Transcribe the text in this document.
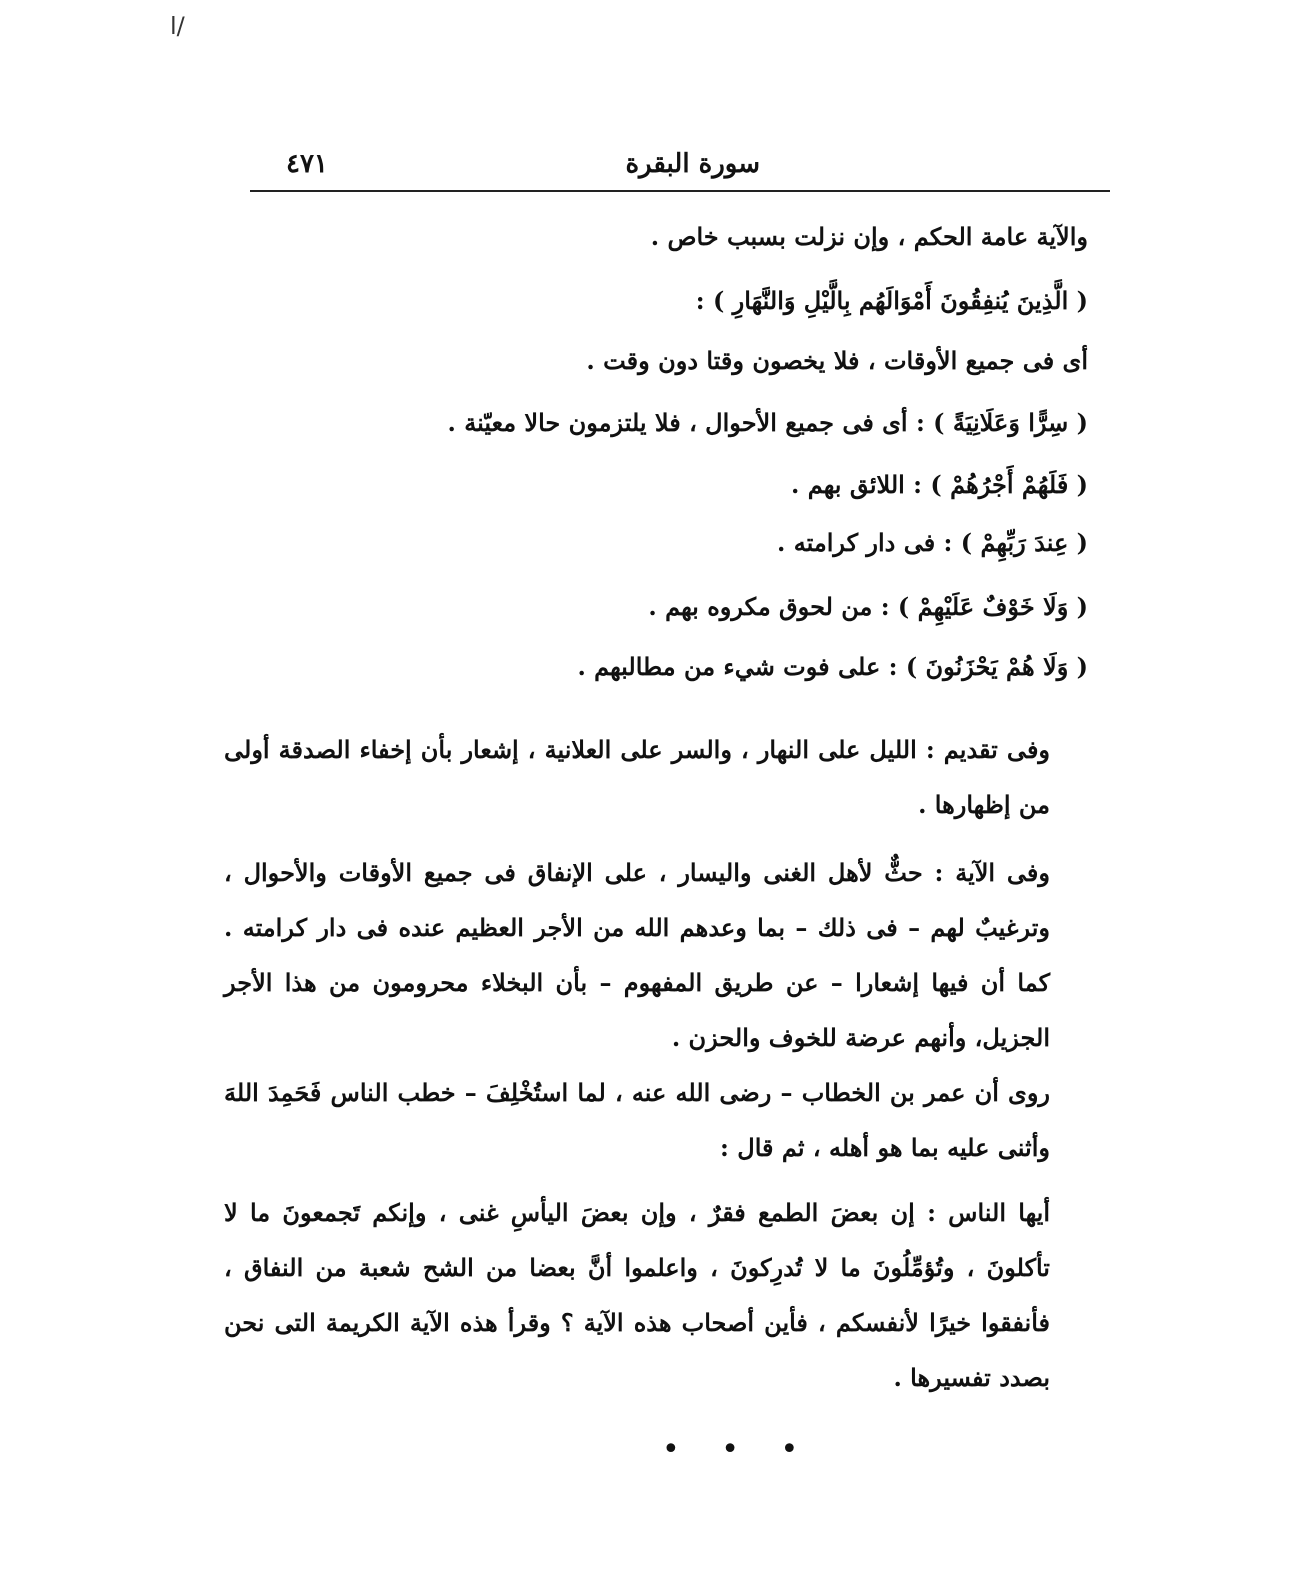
ا/
سورة البقرة
٤٧١
والآية عامة الحكم ، وإن نزلت بسبب خاص .
( الَّذِينَ يُنفِقُونَ أَمْوَالَهُم بِالَّيْلِ وَالنَّهَارِ ) :
أى فى جميع الأوقات ، فلا يخصون وقتا دون وقت .
( سِرًّا وَعَلَانِيَةً ) : أى فى جميع الأحوال ، فلا يلتزمون حالا معيّنة .
( فَلَهُمْ أَجْرُهُمْ ) : اللائق بهم .
( عِندَ رَبِّهِمْ ) : فى دار كرامته .
( وَلَا خَوْفٌ عَلَيْهِمْ ) : من لحوق مكروه بهم .
( وَلَا هُمْ يَحْزَنُونَ ) : على فوت شيء من مطالبهم .
وفى تقديم : الليل على النهار ، والسر على العلانية ، إشعار بأن إخفاء الصدقة أولى من إظهارها .
وفى الآية : حثٌّ لأهل الغنى واليسار ، على الإنفاق فى جميع الأوقات والأحوال ، وترغيبٌ لهم – فى ذلك – بما وعدهم الله من الأجر العظيم عنده فى دار كرامته . كما أن فيها إشعارا – عن طريق المفهوم – بأن البخلاء محرومون من هذا الأجر الجزيل، وأنهم عرضة للخوف والحزن .
روى أن عمر بن الخطاب – رضى الله عنه ، لما استُخْلِفَ – خطب الناس فَحَمِدَ اللهَ وأثنى عليه بما هو أهله ، ثم قال :
أيها الناس : إن بعضَ الطمع فقرٌ ، وإن بعضَ اليأسِ غنى ، وإنكم تَجمعونَ ما لا تأكلونَ ، وتُؤمِّلُونَ ما لا تُدرِكونَ ، واعلموا أنَّ بعضا من الشح شعبة من النفاق ، فأنفقوا خيرًا لأنفسكم ، فأين أصحاب هذه الآية ؟ وقرأ هذه الآية الكريمة التى نحن بصدد تفسيرها .
• • •
